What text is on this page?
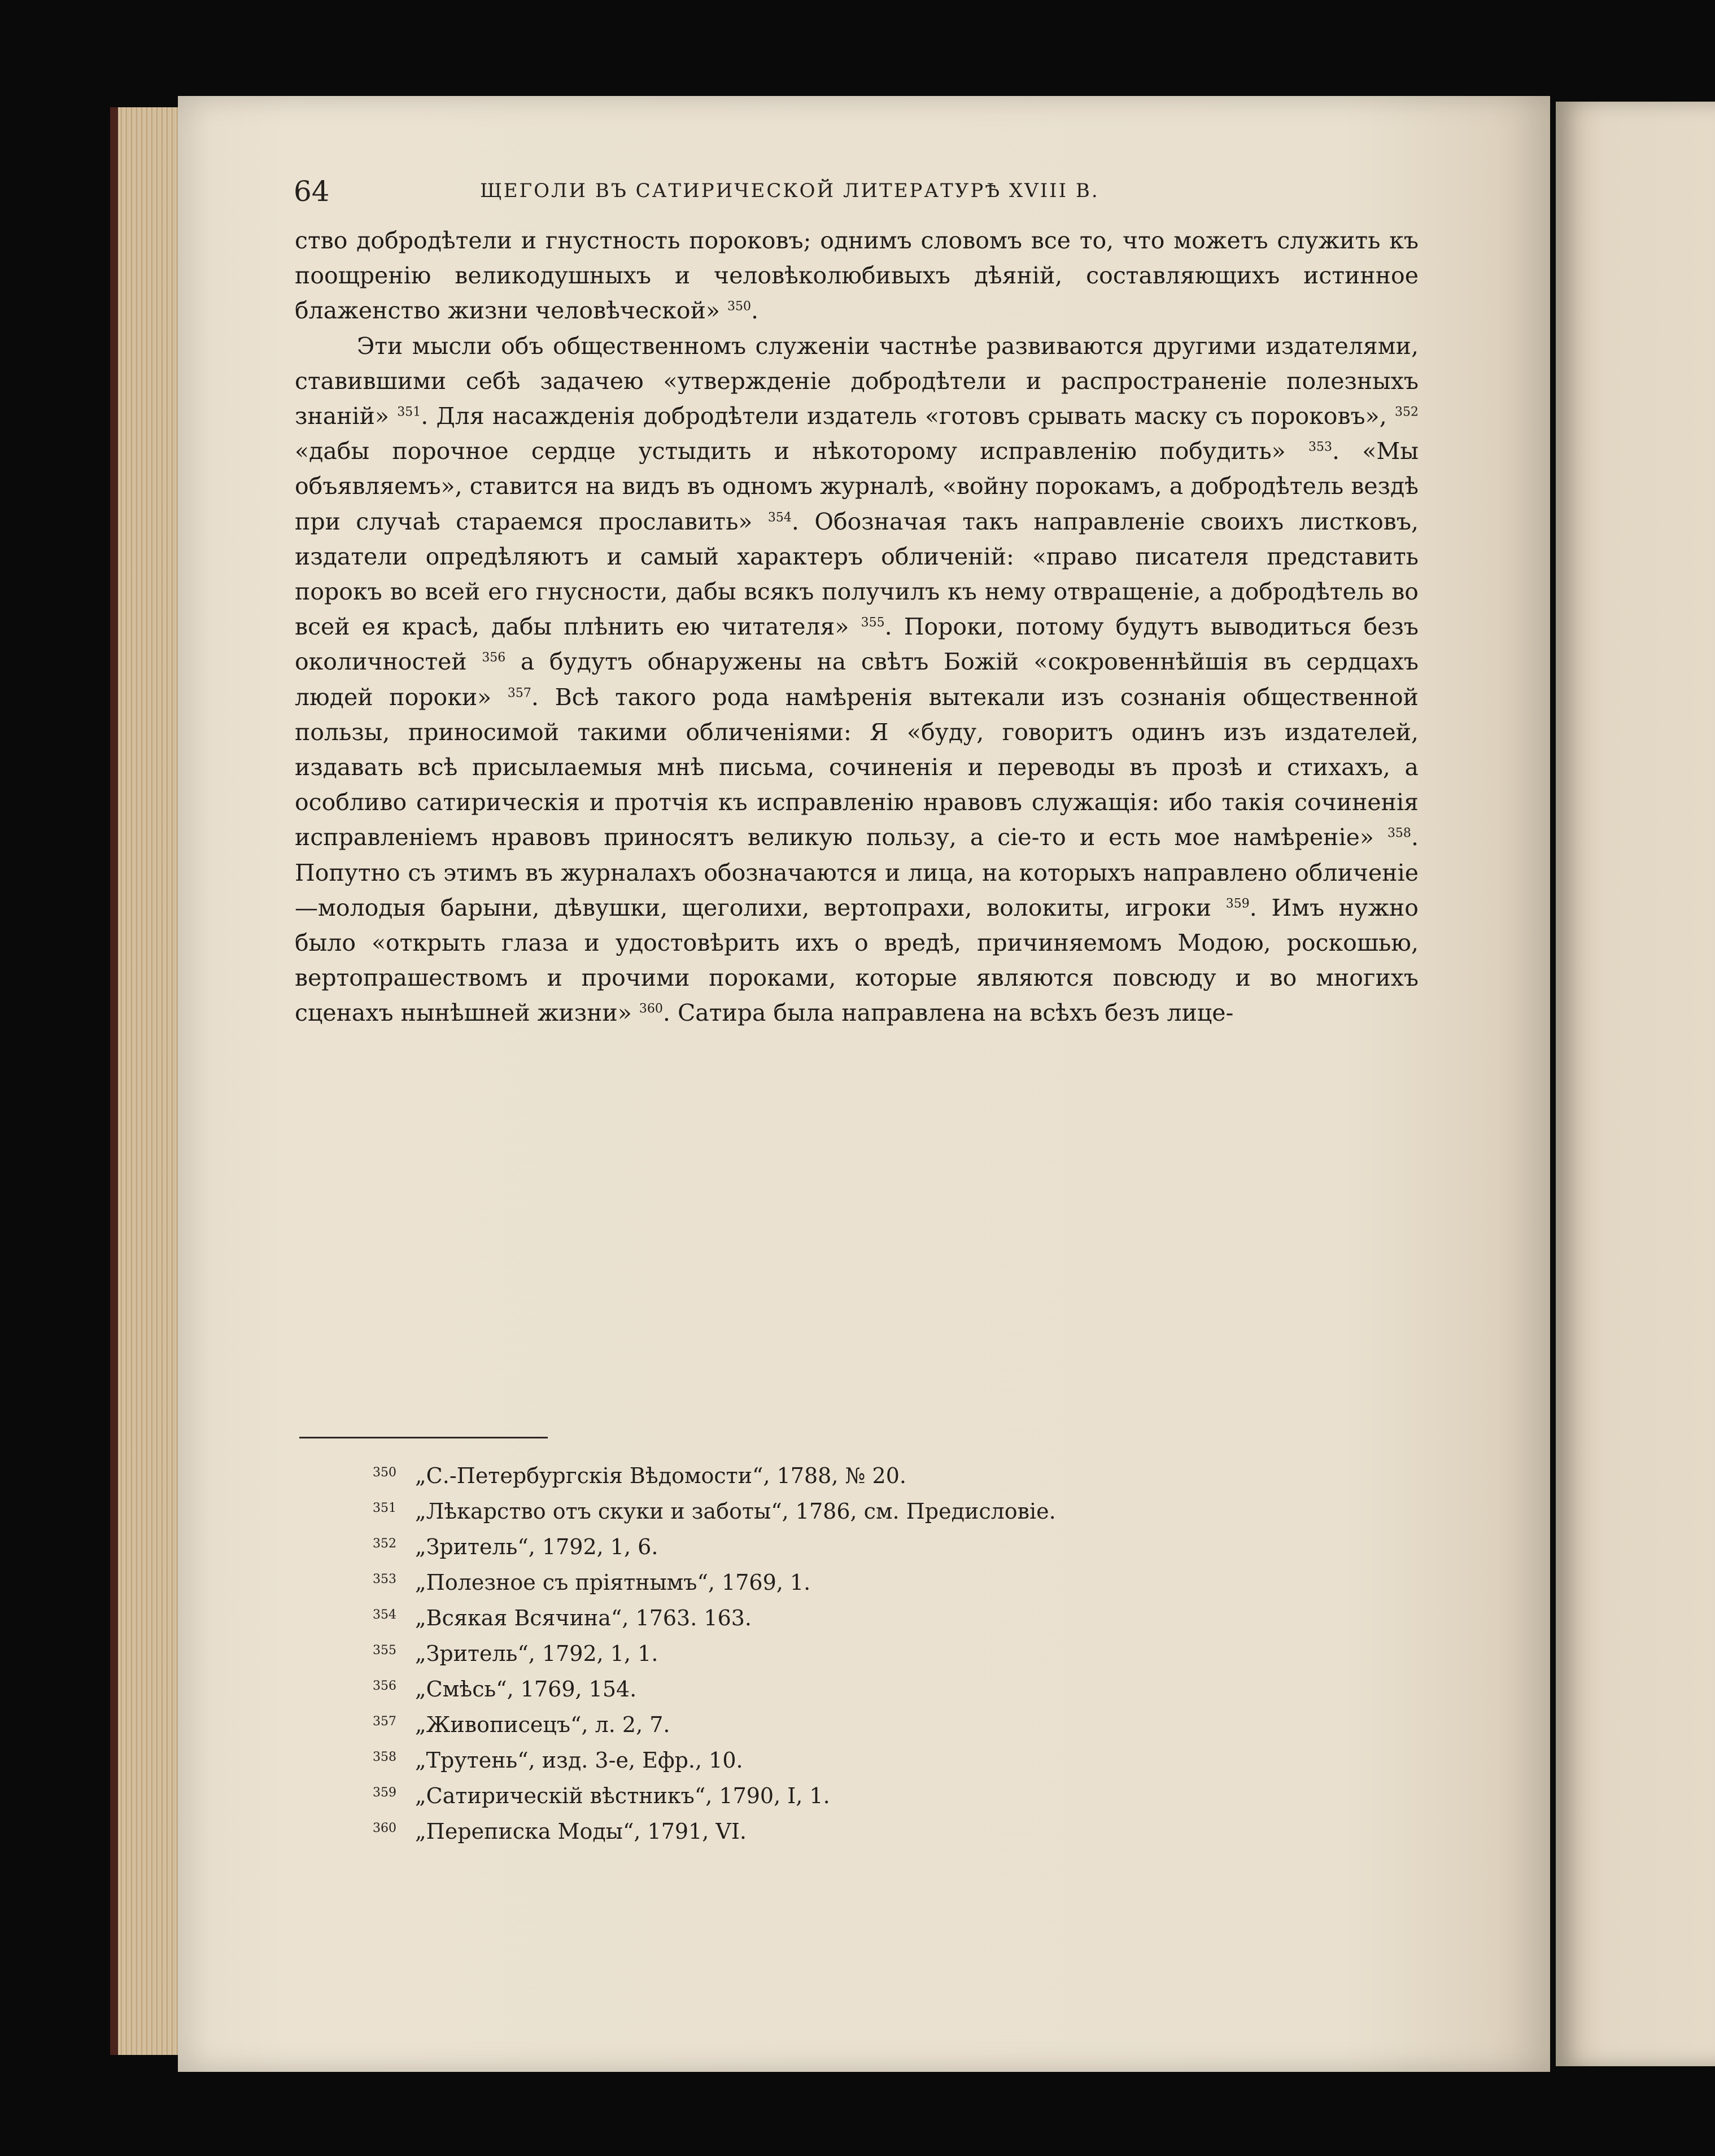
64	ЩЕГОЛИ ВЪ САТИРИЧЕСКОЙ ЛИТЕРАТУРѢ XVIII В.

ство добродѣтели и гнустность пороковъ; однимъ словомъ все то, что можетъ служить къ поощренію великодушныхъ и человѣколюбивыхъ дѣяній, составляющихъ истинное блаженство жизни человѣческой» $^{350}$.

Эти мысли объ общественномъ служеніи частнѣе развиваются другими издателями, ставившими себѣ задачею «утвержденіе добродѣтели и распространеніе полезныхъ знаній» $^{351}$. Для насажденія добродѣтели издатель «готовъ срывать маску съ пороковъ», $^{352}$ «дабы порочное сердце устыдить и нѣкоторому исправленію побудить» $^{353}$. «Мы объявляемъ», ставится на видъ въ одномъ журналѣ, «войну порокамъ, а добродѣтель вездѣ при случаѣ стараемся прославить» $^{354}$. Обозначая такъ направленіе своихъ листковъ, издатели опредѣляютъ и самый характеръ обличеній: «право писателя представить порокъ во всей его гнусности, дабы всякъ получилъ къ нему отвращеніе, а добродѣтель во всей ея красѣ, дабы плѣнить ею читателя» $^{355}$. Пороки, потому будутъ выводиться безъ околичностей $^{356}$ а будутъ обнаружены на свѣтъ Божій «сокровеннѣйшія въ сердцахъ людей пороки» $^{357}$. Всѣ такого рода намѣренія вытекали изъ сознанія общественной пользы, приносимой такими обличеніями: Я «буду, говоритъ одинъ изъ издателей, издавать всѣ присылаемыя мнѣ письма, сочиненія и переводы въ прозѣ и стихахъ, а особливо сатирическія и протчія къ исправленію нравовъ служащія: ибо такія сочиненія исправленіемъ нравовъ приносятъ великую пользу, а сіе-то и есть мое намѣреніе» $^{358}$. Попутно съ этимъ въ журналахъ обозначаются и лица, на которыхъ направлено обличеніе—молодыя барыни, дѣвушки, щеголихи, вертопрахи, волокиты, игроки $^{359}$. Имъ нужно было «открыть глаза и удостовѣрить ихъ о вредѣ, причиняемомъ Модою, роскошью, вертопрашествомъ и прочими пороками, которые являются повсюду и во многихъ сценахъ нынѣшней жизни» $^{360}$. Сатира была направлена на всѣхъ безъ лице-

350 „С.-Петербургскія Вѣдомости“, 1788, № 20.
351 „Лѣкарство отъ скуки и заботы“, 1786, см. Предисловіе.
352 „Зритель“, 1792, 1, 6.
353 „Полезное съ пріятнымъ“, 1769, 1.
354 „Всякая Всячина“, 1763. 163.
355 „Зритель“, 1792, 1, 1.
356 „Смѣсь“, 1769, 154.
357 „Живописецъ“, л. 2, 7.
358 „Трутень“, изд. 3-е, Ефр., 10.
359 „Сатирическій вѣстникъ“, 1790, I, 1.
360 „Переписка Моды“, 1791, VI.
